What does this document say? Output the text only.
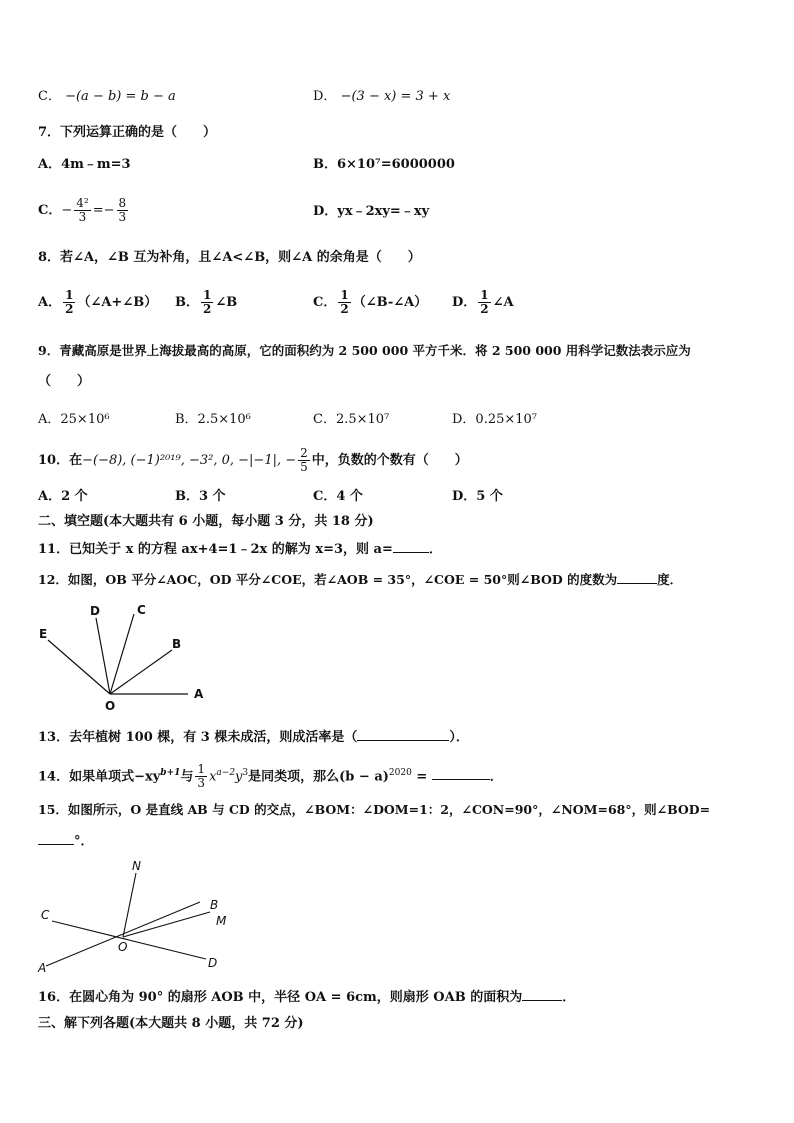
C． −(a − b) = b − a	D． −(3 − x) = 3 + x
7．下列运算正确的是（　　）
A．4m﹣m=3	B．6×10⁷=6000000
C．− $\frac{\text{4²}}{3} =- \frac{8}{3}$	D．yx﹣2xy=﹣xy
8．若∠A，∠B 互为补角，且∠A<∠B，则∠A 的余角是（　　）
A． $\frac{1}{2}$ （∠A+∠B） B． $\frac{1}{2}$ ∠B	C． $\frac{1}{2}$ （∠B-∠A） D． $\frac{1}{2}$ ∠A
9．青藏高原是世界上海拔最高的高原，它的面积约为 2 500 000 平方千米．将 2 500 000 用科学记数法表示应为
（　　）
A．25×10⁶	B．2.5×10⁶	C．2.5×10⁷	D．0.25×10⁷
10．在−(−8), (−1)²⁰¹⁹, −3², 0, −|−1|, − $\frac{2}{5}$ 中，负数的个数有（　　）
A．2 个	B．3 个	C．4 个	D．5 个
二、填空题(本大题共有 6 小题，每小题 3 分，共 18 分)
11．已知关于 x 的方程 ax+4=1﹣2x 的解为 x=3，则 a=	．
12．如图，OB 平分∠AOC，OD 平分∠COE，若∠AOB = 35°，∠COE = 50°则∠BOD 的度数为	度．
E
D	C
B
A
O
13．去年植树 100 棵，有 3 棵未成活，则成活率是（	）．
14．如果单项式$-xy^{b+1}$与 $\frac{1}{3} x^{a-2}y^3$是同类项，那么$(b - a)^{2020}$ =	．
15．如图所示，O 是直线 AB 与 CD 的交点，∠BOM：∠DOM=1：2，∠CON=90°，∠NOM=68°，则∠BOD=
°．
N
C
B
M
O
A	D
16．在圆心角为 90° 的扇形 AOB 中，半径 OA = 6cm，则扇形 OAB 的面积为	．
三、解下列各题(本大题共 8 小题，共 72 分)
